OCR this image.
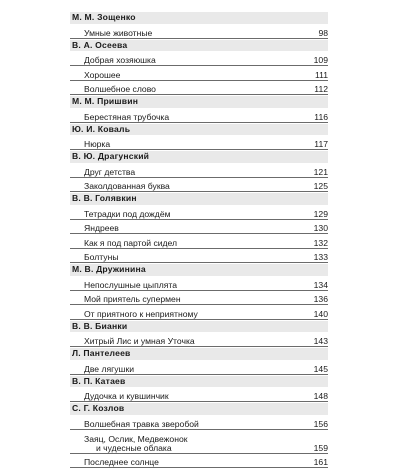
М. М. Зощенко
Умные животные	98
В. А. Осеева
Добрая хозяюшка	109
Хорошее	111
Волшебное слово	112
М. М. Пришвин
Берестяная трубочка	116
Ю. И. Коваль
Нюрка	117
В. Ю. Драгунский
Друг детства	121
Заколдованная буква	125
В. В. Голявкин
Тетрадки под дождём	129
Яндреев	130
Как я под партой сидел	132
Болтуны	133
М. В. Дружинина
Непослушные цыплята	134
Мой приятель супермен	136
От приятного к неприятному	140
В. В. Бианки
Хитрый Лис и умная Уточка	143
Л. Пантелеев
Две лягушки	145
В. П. Катаев
Дудочка и кувшинчик	148
С. Г. Козлов
Волшебная травка зверобой	156
Заяц, Ослик, Медвежонок
и чудесные облака	159
Последнее солнце	161
